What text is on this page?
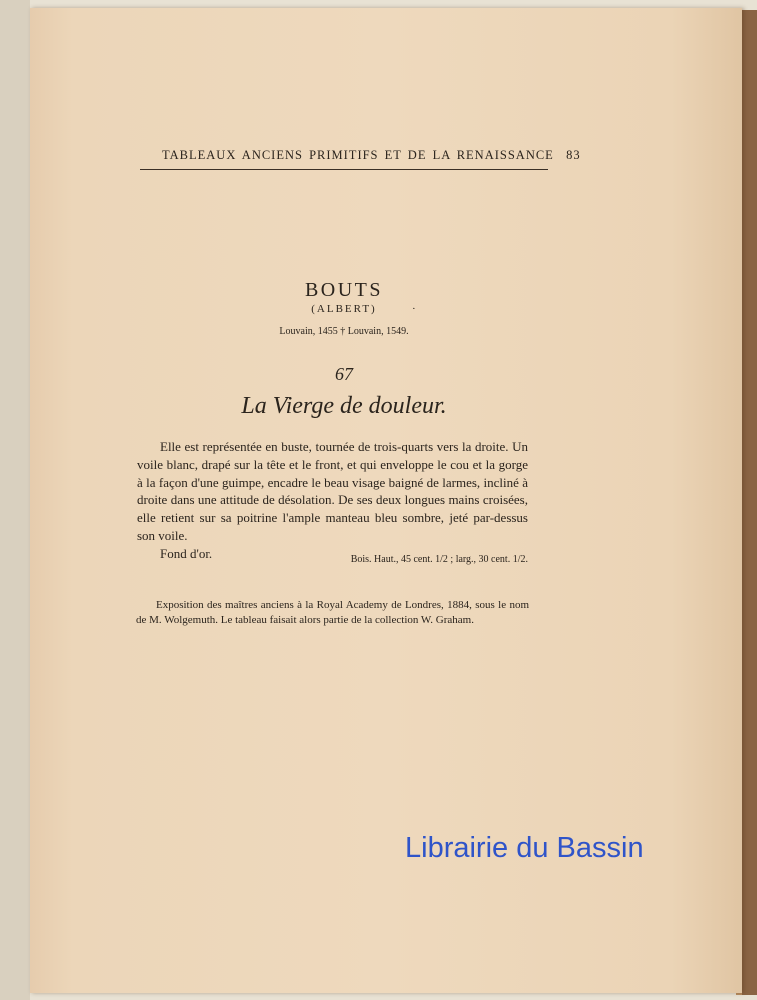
TABLEAUX ANCIENS PRIMITIFS ET DE LA RENAISSANCE 83
BOUTS
(ALBERT)	·
Louvain, 1455 † Louvain, 1549.
67
La Vierge de douleur.

Elle est représentée en buste, tournée de trois-quarts vers la droite. Un voile blanc, drapé sur la tête et le front, et qui enveloppe le cou et la gorge à la façon d'une guimpe, encadre le beau visage baigné de larmes, incliné à droite dans une attitude de désolation. De ses deux longues mains croisées, elle retient sur sa poitrine l'ample manteau bleu sombre, jeté par-dessus son voile.

Fond d'or.	Bois. Haut., 45 cent. 1/2 ; larg., 30 cent. 1/2.

Exposition des maîtres anciens à la Royal Academy de Londres, 1884, sous le nom de M. Wolgemuth. Le tableau faisait alors partie de la collection W. Graham.

Librairie du Bassin
